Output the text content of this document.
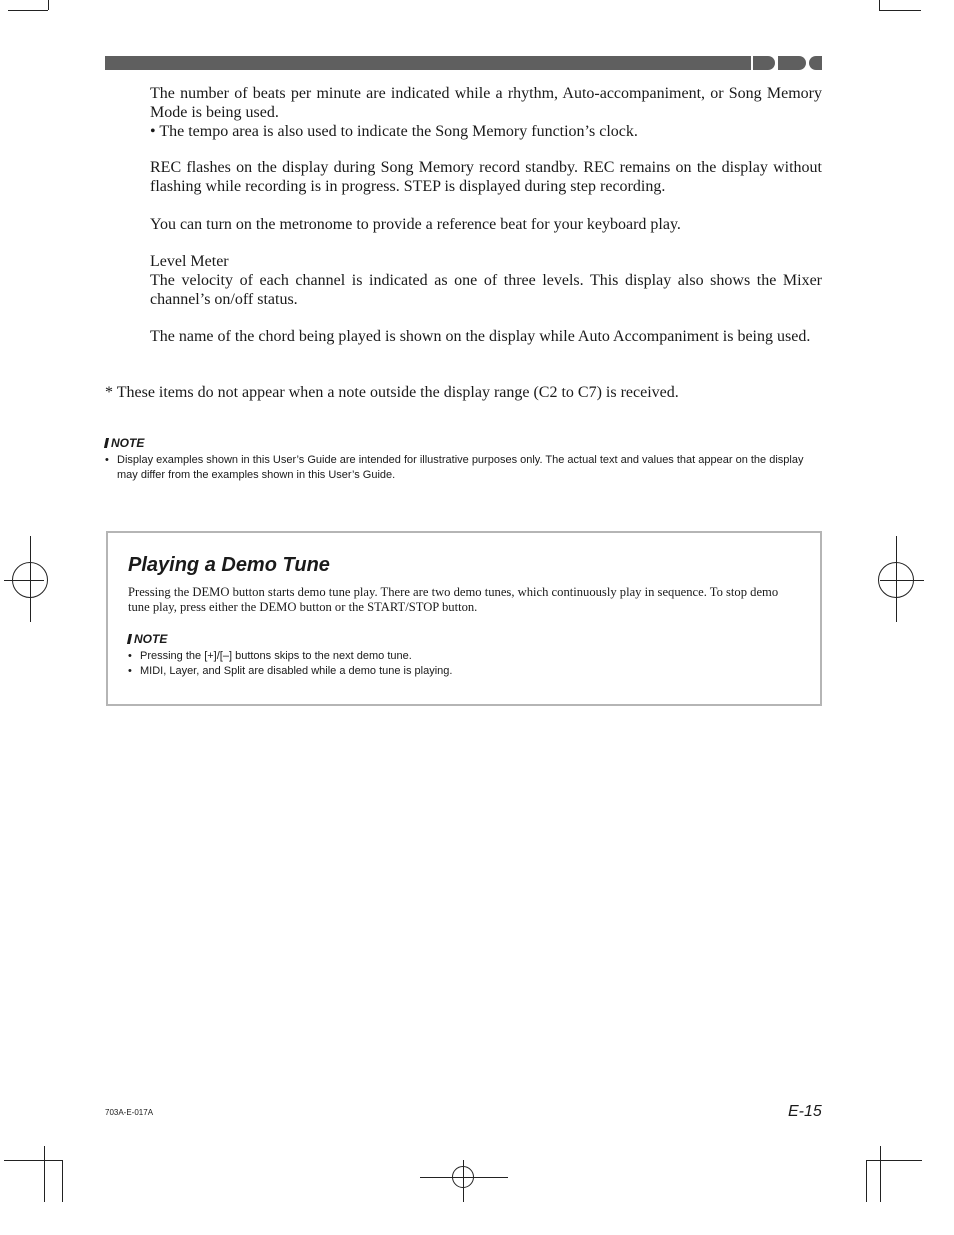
The number of beats per minute are indicated while a rhythm, Auto-accompaniment, or Song Memory Mode is being used.

• The tempo area is also used to indicate the Song Memory function’s clock.

REC flashes on the display during Song Memory record standby. REC remains on the display without flashing while recording is in progress. STEP is displayed during step recording.

You can turn on the metronome to provide a reference beat for your keyboard play.

Level Meter

The velocity of each channel is indicated as one of three levels. This display also shows the Mixer channel’s on/off status.

The name of the chord being played is shown on the display while Auto Accompaniment is being used.

* These items do not appear when a note outside the display range (C2 to C7) is received.
NOTE
• Display examples shown in this User’s Guide are intended for illustrative purposes only. The actual text and values that appear on the display may differ from the examples shown in this User’s Guide.
Playing a Demo Tune
Pressing the DEMO button starts demo tune play. There are two demo tunes, which continuously play in sequence. To stop demo tune play, press either the DEMO button or the START/STOP button.
NOTE
• Pressing the [+]/[–] buttons skips to the next demo tune.
• MIDI, Layer, and Split are disabled while a demo tune is playing.
703A-E-017A	E-15
